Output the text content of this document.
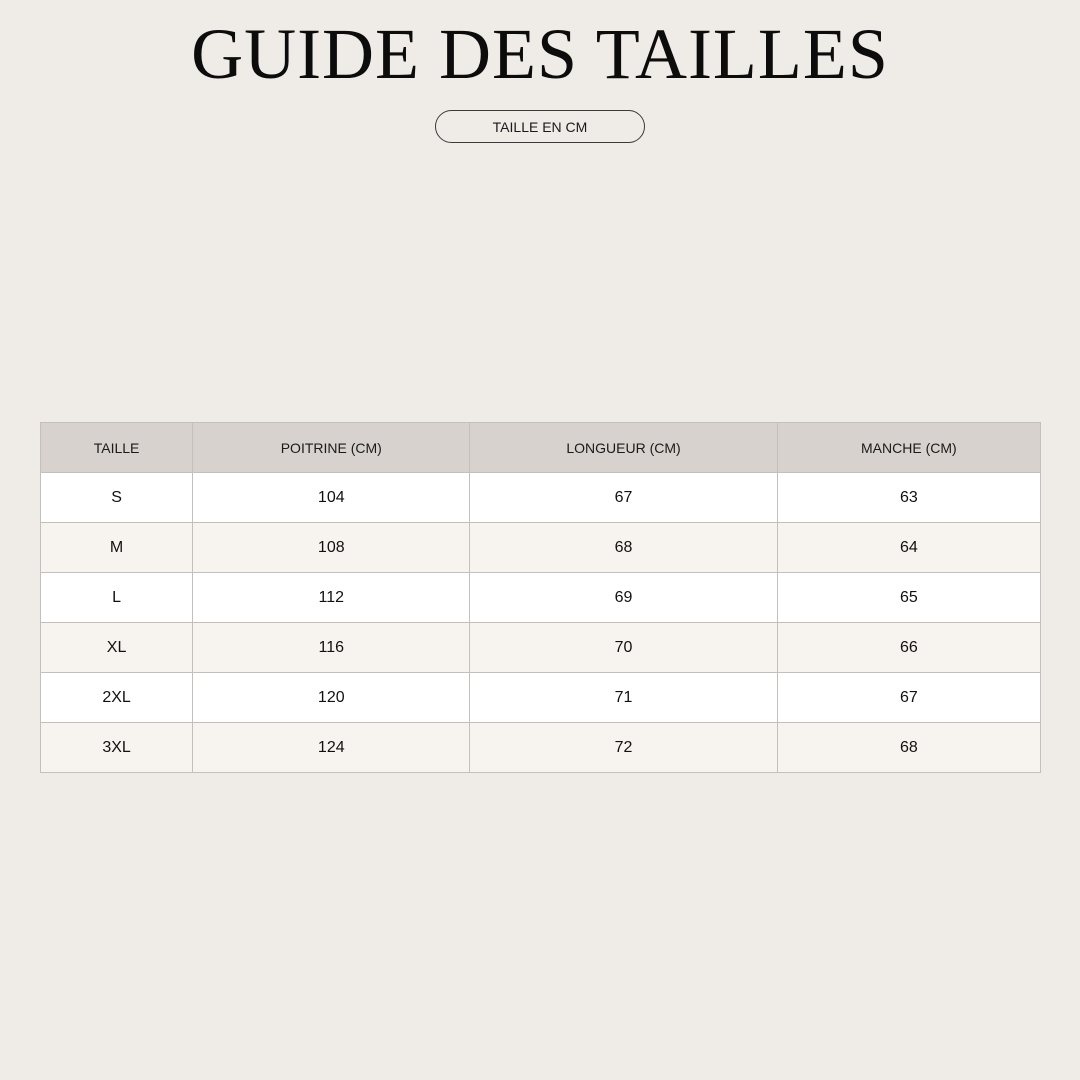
GUIDE DES TAILLES
TAILLE EN CM
TAILLE	POITRINE (CM)	LONGUEUR (CM)	MANCHE (CM)
S	104	67	63
M	108	68	64
L	112	69	65
XL	116	70	66
2XL	120	71	67
3XL	124	72	68
